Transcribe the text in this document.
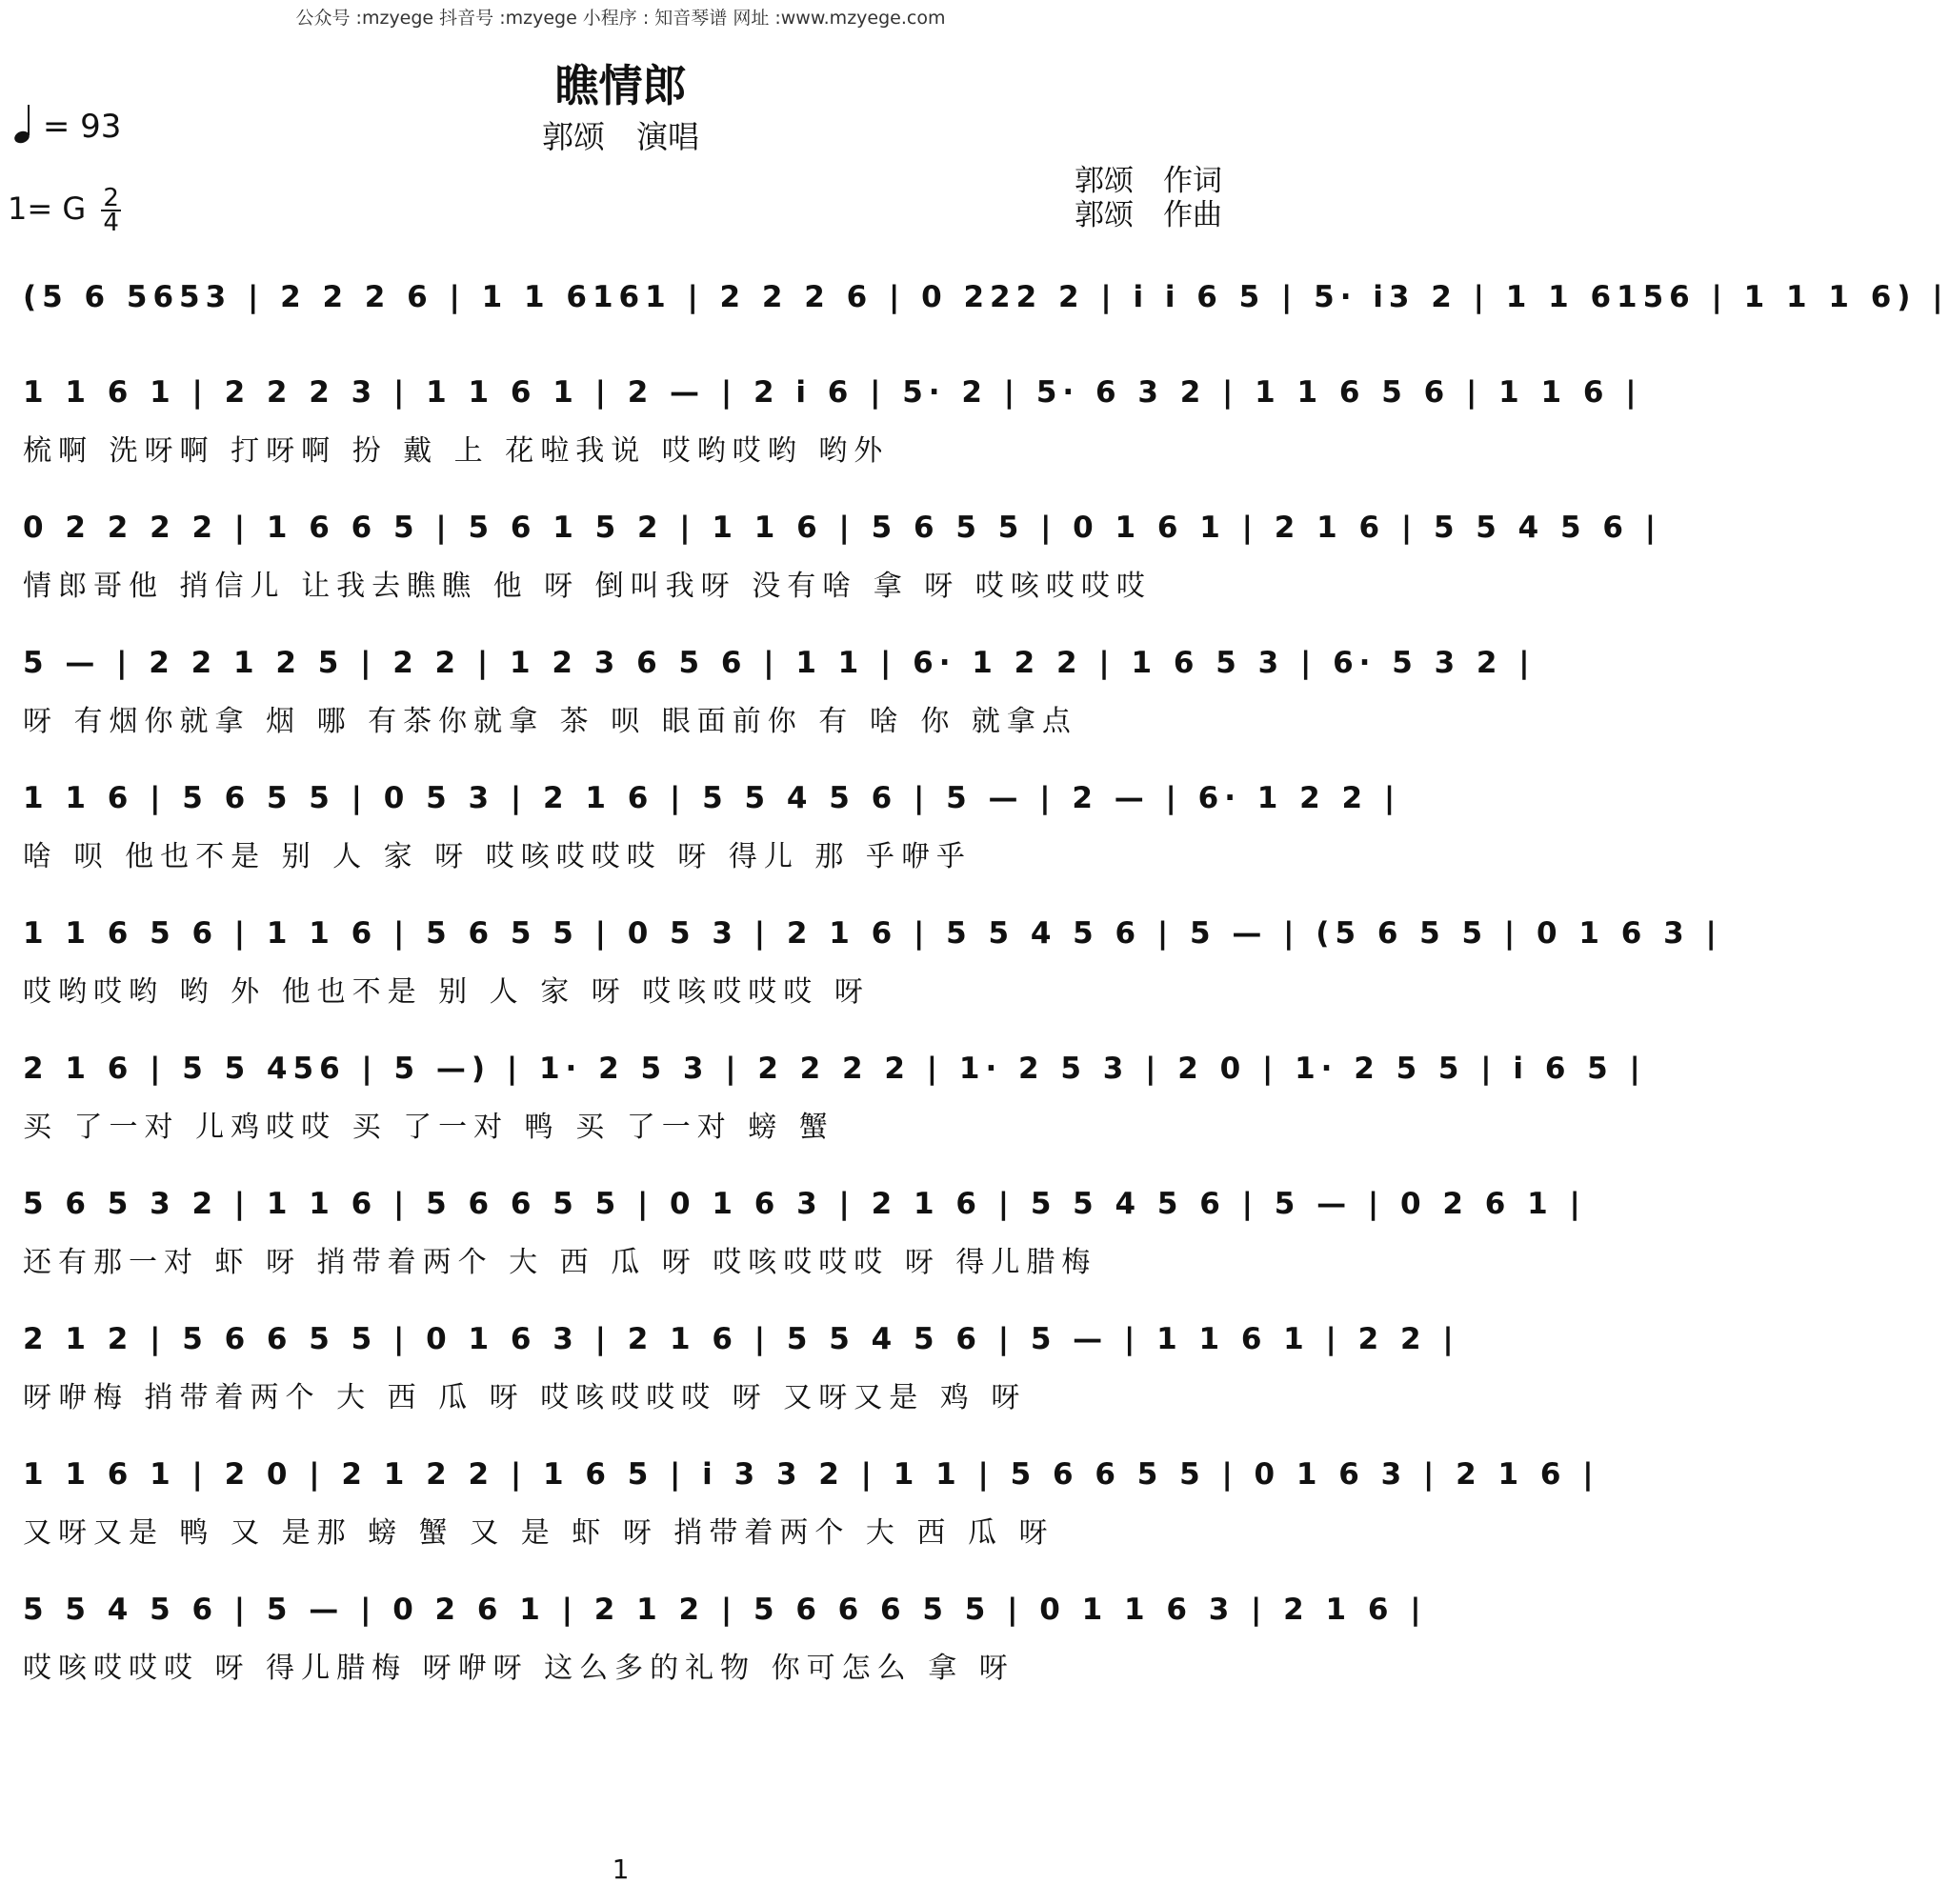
公众号 :mzyege 抖音号 :mzyege 小程序 : 知音琴谱 网址 :www.mzyege.com
瞧情郎
郭颂　演唱
= 93
1= G $\frac{2}{4}$
郭颂　作词
郭颂　作曲
(5 6 5653 | 2 2 2 6 | 1 1 6161 | 2 2 2 6 | 0 222 2 | i i 6 5 | 5· i3 2 | 1 1 6156 | 1 1 1 6) |
1 1 6 1 | 2 2 2 3 | 1 1 6 1 | 2 — | 2 i 6 | 5· 2 | 5· 6 3 2 | 1 1 6 5 6 | 1 1 6 |
梳啊 洗呀啊 打呀啊 扮 戴 上 花啦我说 哎哟哎哟 哟外
0 2 2 2 2 | 1 6 6 5 | 5 6 1 5 2 | 1 1 6 | 5 6 5 5 | 0 1 6 1 | 2 1 6 | 5 5 4 5 6 |
情郎哥他 捎信儿 让我去瞧瞧 他 呀 倒叫我呀 没有啥 拿 呀 哎咳哎哎哎
5 — | 2 2 1 2 5 | 2 2 | 1 2 3 6 5 6 | 1 1 | 6· 1 2 2 | 1 6 5 3 | 6· 5 3 2 |
呀 有烟你就拿 烟 哪 有茶你就拿 茶 呗 眼面前你 有 啥 你 就拿点
1 1 6 | 5 6 5 5 | 0 5 3 | 2 1 6 | 5 5 4 5 6 | 5 — | 2 — | 6· 1 2 2 |
啥 呗 他也不是 别 人 家 呀 哎咳哎哎哎 呀 得儿 那 乎咿乎
1 1 6 5 6 | 1 1 6 | 5 6 5 5 | 0 5 3 | 2 1 6 | 5 5 4 5 6 | 5 — | (5 6 5 5 | 0 1 6 3 |
哎哟哎哟 哟 外 他也不是 别 人 家 呀 哎咳哎哎哎 呀
2 1 6 | 5 5 456 | 5 —) | 1· 2 5 3 | 2 2 2 2 | 1· 2 5 3 | 2 0 | 1· 2 5 5 | i 6 5 |
买 了一对 儿鸡哎哎 买 了一对 鸭 买 了一对 螃 蟹
5 6 5 3 2 | 1 1 6 | 5 6 6 5 5 | 0 1 6 3 | 2 1 6 | 5 5 4 5 6 | 5 — | 0 2 6 1 |
还有那一对 虾 呀 捎带着两个 大 西 瓜 呀 哎咳哎哎哎 呀 得儿腊梅
2 1 2 | 5 6 6 5 5 | 0 1 6 3 | 2 1 6 | 5 5 4 5 6 | 5 — | 1 1 6 1 | 2 2 |
呀咿梅 捎带着两个 大 西 瓜 呀 哎咳哎哎哎 呀 又呀又是 鸡 呀
1 1 6 1 | 2 0 | 2 1 2 2 | 1 6 5 | i 3 3 2 | 1 1 | 5 6 6 5 5 | 0 1 6 3 | 2 1 6 |
又呀又是 鸭 又 是那 螃 蟹 又 是 虾 呀 捎带着两个 大 西 瓜 呀
5 5 4 5 6 | 5 — | 0 2 6 1 | 2 1 2 | 5 6 6 6 5 5 | 0 1 1 6 3 | 2 1 6 |
哎咳哎哎哎 呀 得儿腊梅 呀咿呀 这么多的礼物 你可怎么 拿 呀
1
